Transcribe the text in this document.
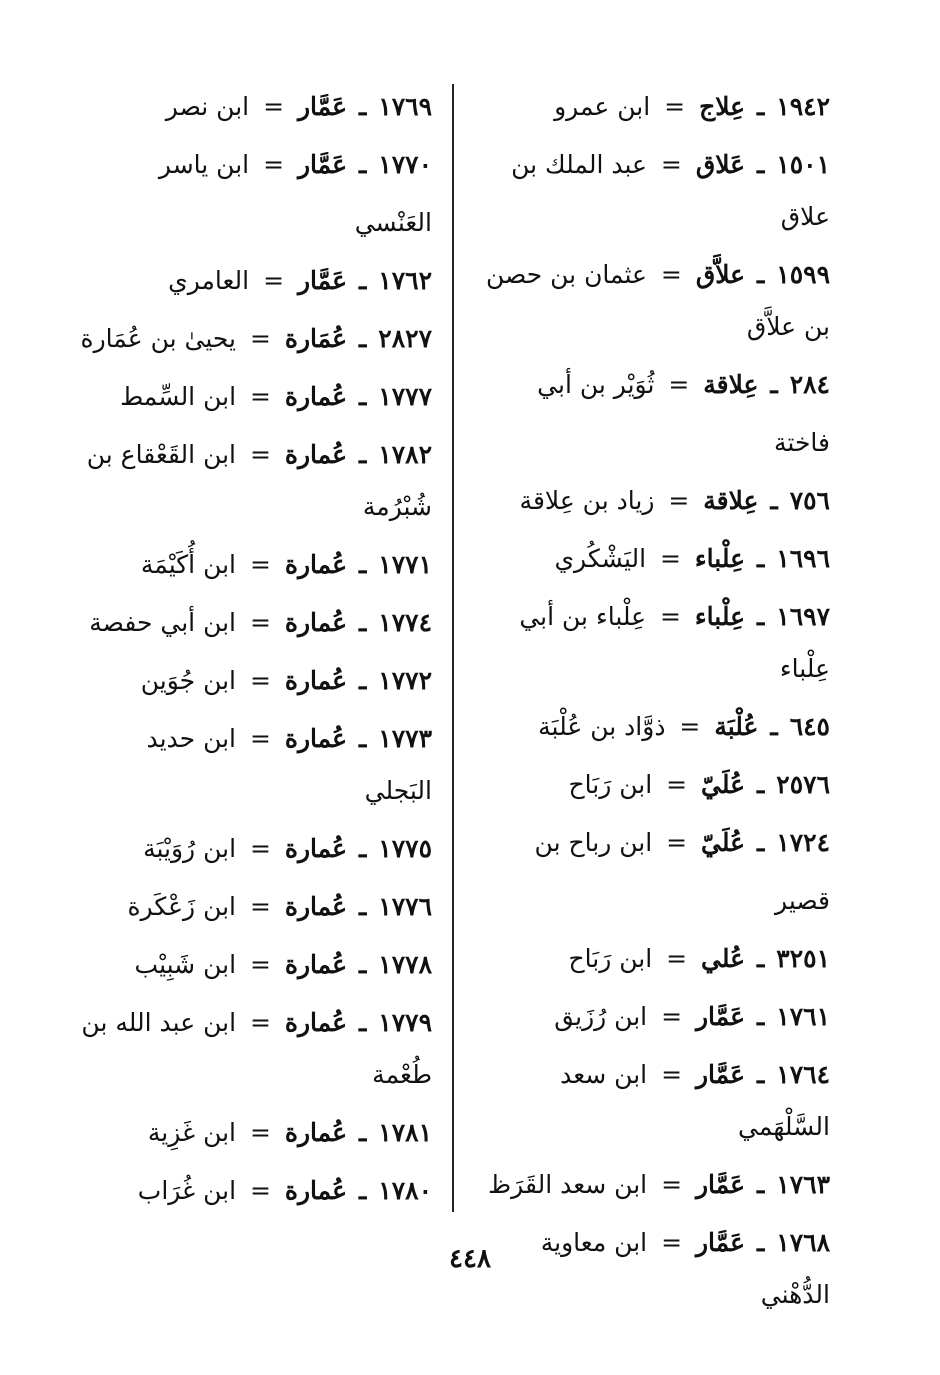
١٩٤٢ ـ عِلاج = ابن عمرو

١٥٠١ ـ عَلاق = عبد الملك بن علاق

١٥٩٩ ـ علاَّق = عثمان بن حصن بن علاَّق

٢٨٤ ـ عِلاقة = ثُوَيْر بن أبي فاختة

٧٥٦ ـ عِلاقة = زياد بن عِلاقة

١٦٩٦ ـ عِلْباء = اليَشْكُري

١٦٩٧ ـ عِلْباء = عِلْباء بن أبي عِلْباء

٦٤٥ ـ عُلْبَة = ذوَّاد بن عُلْبَة

٢٥٧٦ ـ عُلَيّ = ابن رَبَاح

١٧٢٤ ـ عُلَيّ = ابن رباح بن قصير

٣٢٥١ ـ عُلي = ابن رَبَاح

١٧٦١ ـ عَمَّار = ابن رُزَيق

١٧٦٤ ـ عَمَّار = ابن سعد السَّلْهَمي

١٧٦٣ ـ عَمَّار = ابن سعد القَرَظ

١٧٦٨ ـ عَمَّار = ابن معاوية الدُّهْني

١٧٦٩ ـ عَمَّار = ابن نصر

١٧٧٠ ـ عَمَّار = ابن ياسر العَنْسي

١٧٦٢ ـ عَمَّار = العامري

٢٨٢٧ ـ عُمَارة = يحيىٰ بن عُمَارة

١٧٧٧ ـ عُمارة = ابن السِّمط

١٧٨٢ ـ عُمارة = ابن القَعْقاع بن شُبْرُمة

١٧٧١ ـ عُمارة = ابن أُكَيْمَة

١٧٧٤ ـ عُمارة = ابن أبي حفصة

١٧٧٢ ـ عُمارة = ابن جُوَين

١٧٧٣ ـ عُمارة = ابن حديد البَجلي

١٧٧٥ ـ عُمارة = ابن رُوَيْبَة

١٧٧٦ ـ عُمارة = ابن زَعْكَرة

١٧٧٨ ـ عُمارة = ابن شَبِيْب

١٧٧٩ ـ عُمارة = ابن عبد الله بن طُعْمة

١٧٨١ ـ عُمارة = ابن غَزِية

١٧٨٠ ـ عُمارة = ابن غُرَاب

٤٤٨
